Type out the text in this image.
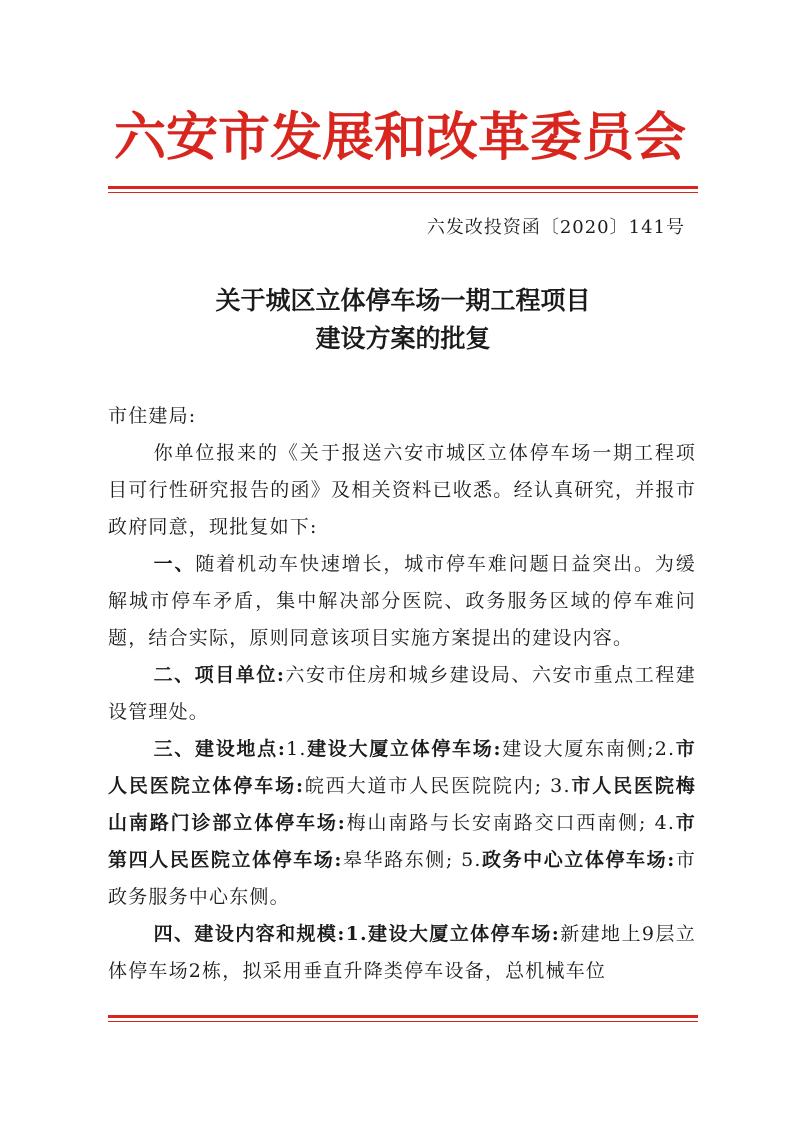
六安市发展和改革委员会
六发改投资函〔2020〕141号
关于城区立体停车场一期工程项目
建设方案的批复

市住建局:

你单位报来的《关于报送六安市城区立体停车场一期工程项目可行性研究报告的函》及相关资料已收悉。经认真研究，并报市政府同意，现批复如下:

一、随着机动车快速增长，城市停车难问题日益突出。为缓解城市停车矛盾，集中解决部分医院、政务服务区域的停车难问题，结合实际，原则同意该项目实施方案提出的建设内容。

二、项目单位:六安市住房和城乡建设局、六安市重点工程建设管理处。

三、建设地点:1.建设大厦立体停车场:建设大厦东南侧;2.市人民医院立体停车场:皖西大道市人民医院院内; 3.市人民医院梅山南路门诊部立体停车场:梅山南路与长安南路交口西南侧; 4.市第四人民医院立体停车场:皋华路东侧; 5.政务中心立体停车场:市政务服务中心东侧。

四、建设内容和规模:1.建设大厦立体停车场:新建地上9层立体停车场2栋，拟采用垂直升降类停车设备，总机械车位
